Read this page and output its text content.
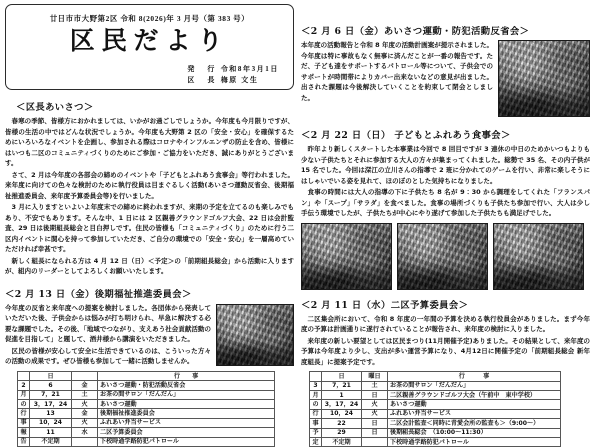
廿日市市大野第2区 令和 8(2026)年 3 月号（第 383 号）
区民だより
発　行 令和8年3月1日
区　長 梅原 文生
＜区長あいさつ＞

春寒の季節、皆様方におかれましては、いかがお過ごしでしょうか。今年度も今月限りですが、皆様の生活の中ではどんな状況でしょうか。今年度も大野第 2 区の「安全・安心」を確保するためにいろいろなイベントを企画し、参加される際はコロナやインフルエンザの防止を含め、皆様にはいつも二区のコミュニティづくりのためにご参加・ご協力をいただき、誠にありがとうございます。

さて、2 月は今年度の各部会の締めのイベントや「子どもとふれあう食事会」等行われました。来年度に向けての色々な検討のために執行役員は目まぐるしく活動(あいさつ運動反省会、後期福祉推進委員会、来年度予算委員会等)を行いました。

3 月に入りますといよいよ年度末での締めに終われますが、来期の予定を立てるのも楽しみでもあり、不安でもあります。そんな中、1 日には 2 区親善グラウンドゴルフ大会、22 日は会計監査、29 日は後期組長総会と目白押しです。住民の皆様も「コミュニティづくり」のために行う二区内イベントに関心を持って参加していただき、ご自分の環境での「安全・安心」を一層高めていただければ幸甚です。

新しく組長になられる方は 4 月 12 日（日）＜予定＞の「前期組長総会」から活動に入りますが、組内のリーダーとしてよろしくお願いいたします。

＜2 月 13 日（金）後期福祉推進委員会＞

今年度の反省と来年度への提案を検討しました。各団体から発表していただいた後、子供会からは悩みが打ち明けられ、早急に解決する必要な課題でした。その後、「地域でつながり、支えあう社会貢献活動の促進を目指して」と題して、酒井様から講演をいただきました。

区民の皆様が安心して安全に生活できているのは、こういった方々の活動の成果です。ぜひ皆様も参加して一緒に活動しませんか。

	日		行　　事
2	6	金	あいさつ運動・防犯活動反省会
月	7，21	土	お茶の間サロン「だんだん」
の	3，17，24	火	あいさつ運動
行	13	金	後期福祉推進委員会
事	10，24	火	ふれあい弁当サービス
報	11	水	二区予算委員会
告	不定期		下校時通学路防犯パトロール
＜2 月 6 日（金）あいさつ運動・防犯活動反省会＞

本年度の活動報告と令和 8 年度の活動計画案が提示されました。今年度は特に事故もなく無事に済んだことが一番の報告です。ただ、子ども達をサポートするパトロール等について、子供会でのサポートが時間帯によりカバー出来ないなどの意見が出ました。出された課題は今後解決していくことを約束して閉会としました。

＜2 月 22 日（日） 子どもとふれあう食事会＞

昨年より新しくスタートした本事業は今回で 8 回目ですが 3 連休の中日のためかいつもよりも少ない子供たちとそれに参加する大人の方々が集まってくれました。総勢で 35 名、その内子供が 15 名でした。今回は深江の立川さんの指導で 2 班に分かれてのゲームを行い、非常に楽しそうにはしゃいでいる姿を見れて、ほのぼのとした気持ちになりました。

食事の時間には大人の指導の下に子供たち 8 名が 9：30 から調理をしてくれた「フランスパン」や「スープ」「サラダ」を食べました。食事の場所づくりも子供たち参加で行い、大人は少し手伝う環境でしたが、子供たちが中心にやり遂げて参加した子供たちも満足げでした。

＜2 月 11 日（水）二区予算委員会＞

二区集会所において、令和 8 年度の一年間の予算を決める執行役員会がありました。まず今年度の予算は計画通りに遂行されていることが報告され、来年度の検討に入りました。

来年度の新しい要望としては区民まつり(11月開催予定)ありました。その結果として、来年度の予算は今年度より少し、支出が多い運営予算になり、4月12日に開催予定の「前期組長総会 新年度組長」に提案予定です。

	日	曜日	行　　　事
3	7，21	土	お茶の間サロン「だんだん」
月	1	日	二区親善グラウンドゴルフ大会（午前中　東中学校）
の	3，17，24	火	あいさつ運動
行	10，24	火	ふれあい弁当サービス
事	22	日	二区会計監査＜同時に青愛会所の監査も＞（9:00～）
予	29	日	後期組長総会　（10:00～11:30）
定	不定期		下校時通学路防犯パトロール
